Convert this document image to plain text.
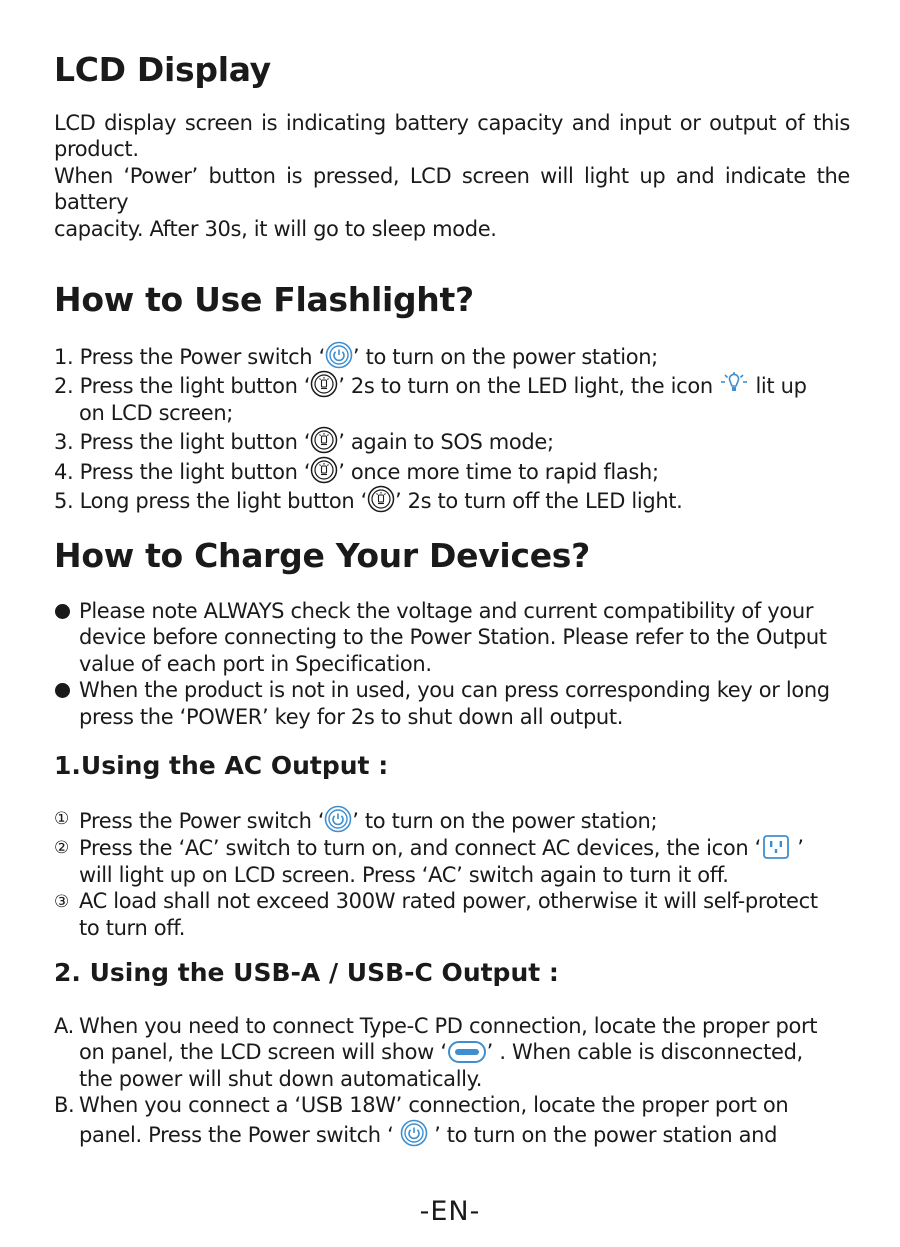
LCD Display

LCD display screen is indicating battery capacity and input or output of this

product.

When ‘Power’ button is pressed, LCD screen will light up and indicate the

battery

capacity. After 30s, it will go to sleep mode.

How to Use Flashlight?

1. Press the Power switch ‘ ’ to turn on the power station;

2. Press the light button ‘ ’ 2s to turn on the LED light, the icon lit up

on LCD screen;

3. Press the light button ‘ ’ again to SOS mode;

4. Press the light button ‘ ’ once more time to rapid flash;

5. Long press the light button ‘ ’ 2s to turn off the LED light.

How to Charge Your Devices?
Please note ALWAYS check the voltage and current compatibility of your
device before connecting to the Power Station. Please refer to the Output
value of each port in Specification.
When the product is not in used, you can press corresponding key or long
press the ‘POWER’ key for 2s to shut down all output.
1.Using the AC Output :
① Press the Power switch ‘ ’ to turn on the power station;
② Press the ‘AC’ switch to turn on, and connect AC devices, the icon ‘ ’
will light up on LCD screen. Press ‘AC’ switch again to turn it off.
③ AC load shall not exceed 300W rated power, otherwise it will self-protect
to turn off.
2. Using the USB-A / USB-C Output :
A. When you need to connect Type-C PD connection, locate the proper port
on panel, the LCD screen will show ‘ ’ . When cable is disconnected,
the power will shut down automatically.
B. When you connect a ‘USB 18W’ connection, locate the proper port on
panel. Press the Power switch ‘  ’ to turn on the power station and
-EN-
